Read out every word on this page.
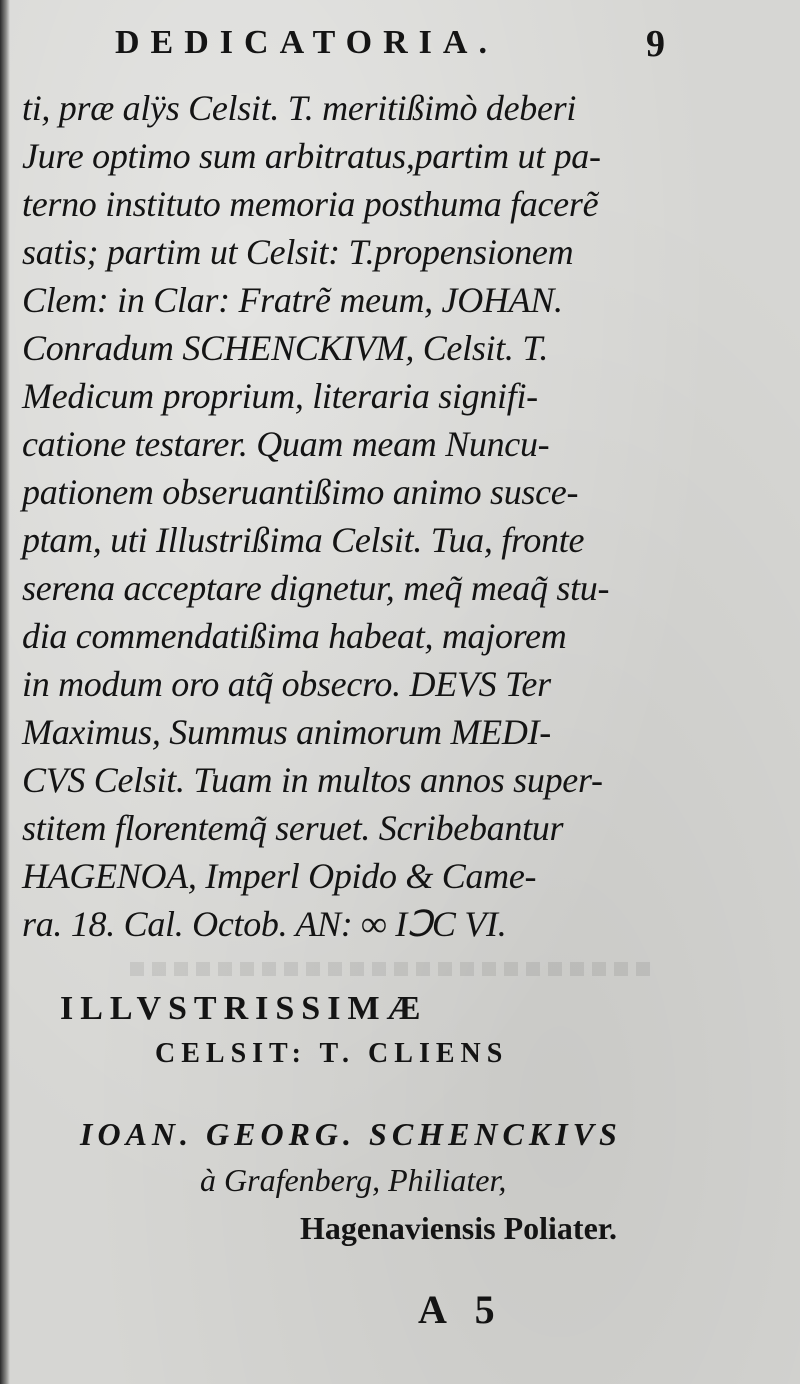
DEDICATORIA.	9
ti, præ alÿs Celsit. T. meritißimò deberi
Jure optimo sum arbitratus,partim ut pa-
terno instituto memoria posthuma facerẽ
satis; partim ut Celsit: T.propensionem
Clem: in Clar: Fratrẽ meum, JOHAN.
Conradum SCHENCKIVM, Celsit. T.
Medicum proprium, literaria signifi-
catione testarer. Quam meam Nuncu-
pationem obseruantißimo animo susce-
ptam, uti Illustrißima Celsit. Tua, fronte
serena acceptare dignetur, meq̃ meaq̃ stu-
dia commendatißima habeat, majorem
in modum oro atq̃ obsecro. DEVS Ter
Maximus, Summus animorum MEDI-
CVS Celsit. Tuam in multos annos super-
stitem florentemq̃ seruet. Scribebantur
HAGENOA, Imperl Opido & Came-
ra. 18. Cal. Octob. AN: ∞ IↃC VI.
ILLVSTRISSIMÆ
CELSIT: T. CLIENS
IOAN. GEORG. SCHENCKIVS
à Grafenberg, Philiater,
Hagenaviensis Poliater.
A 5
